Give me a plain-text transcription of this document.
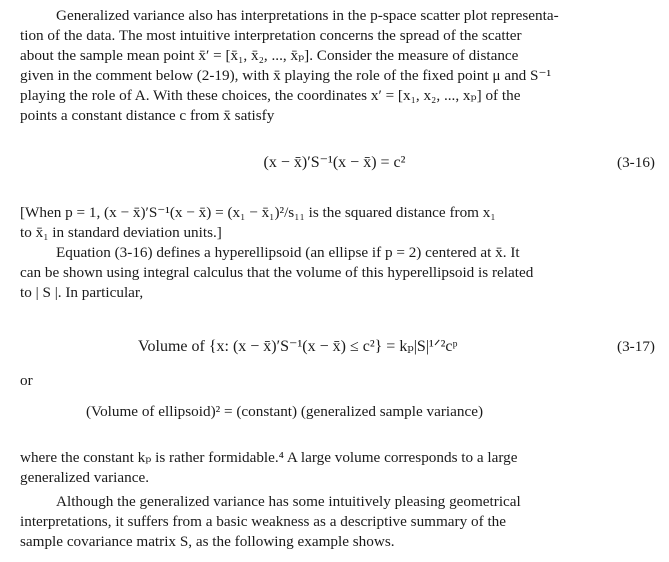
Generalized variance also has interpretations in the p-space scatter plot representa-
tion of the data. The most intuitive interpretation concerns the spread of the scatter
about the sample mean point x̄′ = [x̄₁, x̄₂, ..., x̄ₚ]. Consider the measure of distance
given in the comment below (2-19), with x̄ playing the role of the fixed point μ and S⁻¹
playing the role of A. With these choices, the coordinates x′ = [x₁, x₂, ..., xₚ] of the
points a constant distance c from x̄ satisfy
(x − x̄)′S⁻¹(x − x̄) = c²	(3-16)
[When p = 1, (x − x̄)′S⁻¹(x − x̄) = (x₁ − x̄₁)²/s₁₁ is the squared distance from x₁
to x̄₁ in standard deviation units.]
Equation (3-16) defines a hyperellipsoid (an ellipse if p = 2) centered at x̄. It
can be shown using integral calculus that the volume of this hyperellipsoid is related
to | S |. In particular,
Volume of {x: (x − x̄)′S⁻¹(x − x̄) ≤ c²} = kₚ|S|¹ᐟ²cᵖ	(3-17)
or
(Volume of ellipsoid)² = (constant) (generalized sample variance)
where the constant kₚ is rather formidable.⁴ A large volume corresponds to a large
generalized variance.
Although the generalized variance has some intuitively pleasing geometrical
interpretations, it suffers from a basic weakness as a descriptive summary of the
sample covariance matrix S, as the following example shows.
